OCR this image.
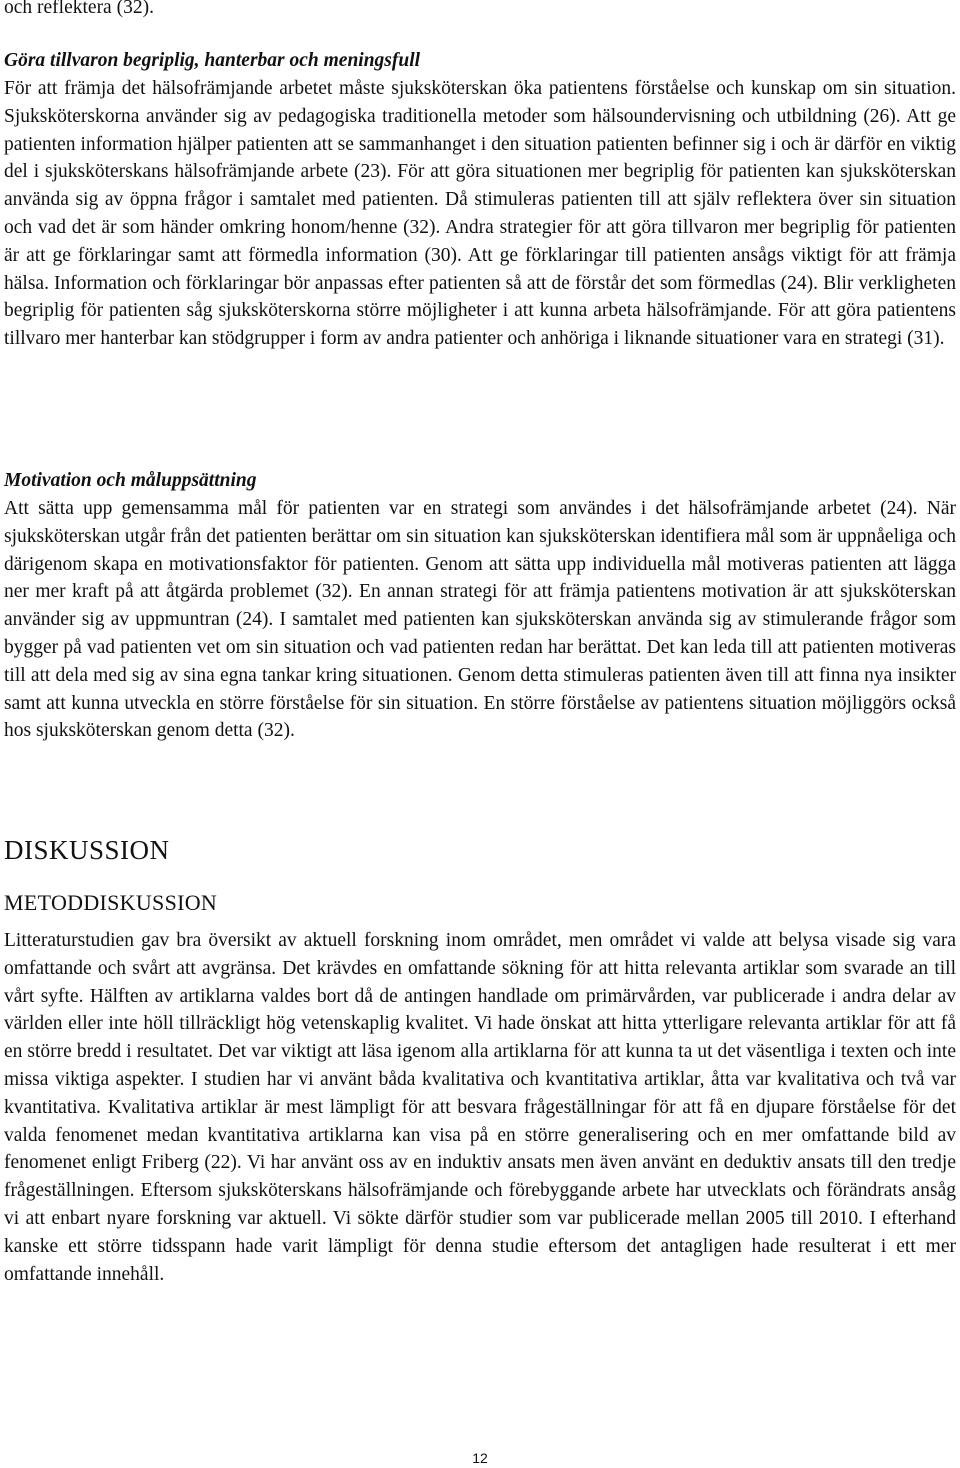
och reflektera (32).

Göra tillvaron begriplig, hanterbar och meningsfull

För att främja det hälsofrämjande arbetet måste sjuksköterskan öka patientens förståelse och kunskap om sin situation. Sjuksköterskorna använder sig av pedagogiska traditionella metoder som hälsoundervisning och utbildning (26). Att ge patienten information hjälper patienten att se sammanhanget i den situation patienten befinner sig i och är därför en viktig del i sjuksköterskans hälsofrämjande arbete (23). För att göra situationen mer begriplig för patienten kan sjuksköterskan använda sig av öppna frågor i samtalet med patienten. Då stimuleras patienten till att själv reflektera över sin situation och vad det är som händer omkring honom/henne (32). Andra strategier för att göra tillvaron mer begriplig för patienten är att ge förklaringar samt att förmedla information (30). Att ge förklaringar till patienten ansågs viktigt för att främja hälsa. Information och förklaringar bör anpassas efter patienten så att de förstår det som förmedlas (24). Blir verkligheten begriplig för patienten såg sjuksköterskorna större möjligheter i att kunna arbeta hälsofrämjande. För att göra patientens tillvaro mer hanterbar kan stödgrupper i form av andra patienter och anhöriga i liknande situationer vara en strategi (31).

Motivation och måluppsättning

Att sätta upp gemensamma mål för patienten var en strategi som användes i det hälsofrämjande arbetet (24). När sjuksköterskan utgår från det patienten berättar om sin situation kan sjuksköterskan identifiera mål som är uppnåeliga och därigenom skapa en motivationsfaktor för patienten. Genom att sätta upp individuella mål motiveras patienten att lägga ner mer kraft på att åtgärda problemet (32). En annan strategi för att främja patientens motivation är att sjuksköterskan använder sig av uppmuntran (24). I samtalet med patienten kan sjuksköterskan använda sig av stimulerande frågor som bygger på vad patienten vet om sin situation och vad patienten redan har berättat. Det kan leda till att patienten motiveras till att dela med sig av sina egna tankar kring situationen. Genom detta stimuleras patienten även till att finna nya insikter samt att kunna utveckla en större förståelse för sin situation. En större förståelse av patientens situation möjliggörs också hos sjuksköterskan genom detta (32).

DISKUSSION
METODDISKUSSION

Litteraturstudien gav bra översikt av aktuell forskning inom området, men området vi valde att belysa visade sig vara omfattande och svårt att avgränsa. Det krävdes en omfattande sökning för att hitta relevanta artiklar som svarade an till vårt syfte. Hälften av artiklarna valdes bort då de antingen handlade om primärvården, var publicerade i andra delar av världen eller inte höll tillräckligt hög vetenskaplig kvalitet. Vi hade önskat att hitta ytterligare relevanta artiklar för att få en större bredd i resultatet. Det var viktigt att läsa igenom alla artiklarna för att kunna ta ut det väsentliga i texten och inte missa viktiga aspekter. I studien har vi använt båda kvalitativa och kvantitativa artiklar, åtta var kvalitativa och två var kvantitativa. Kvalitativa artiklar är mest lämpligt för att besvara frågeställningar för att få en djupare förståelse för det valda fenomenet medan kvantitativa artiklarna kan visa på en större generalisering och en mer omfattande bild av fenomenet enligt Friberg (22). Vi har använt oss av en induktiv ansats men även använt en deduktiv ansats till den tredje frågeställningen. Eftersom sjuksköterskans hälsofrämjande och förebyggande arbete har utvecklats och förändrats ansåg vi att enbart nyare forskning var aktuell. Vi sökte därför studier som var publicerade mellan 2005 till 2010. I efterhand kanske ett större tidsspann hade varit lämpligt för denna studie eftersom det antagligen hade resulterat i ett mer omfattande innehåll.

12
